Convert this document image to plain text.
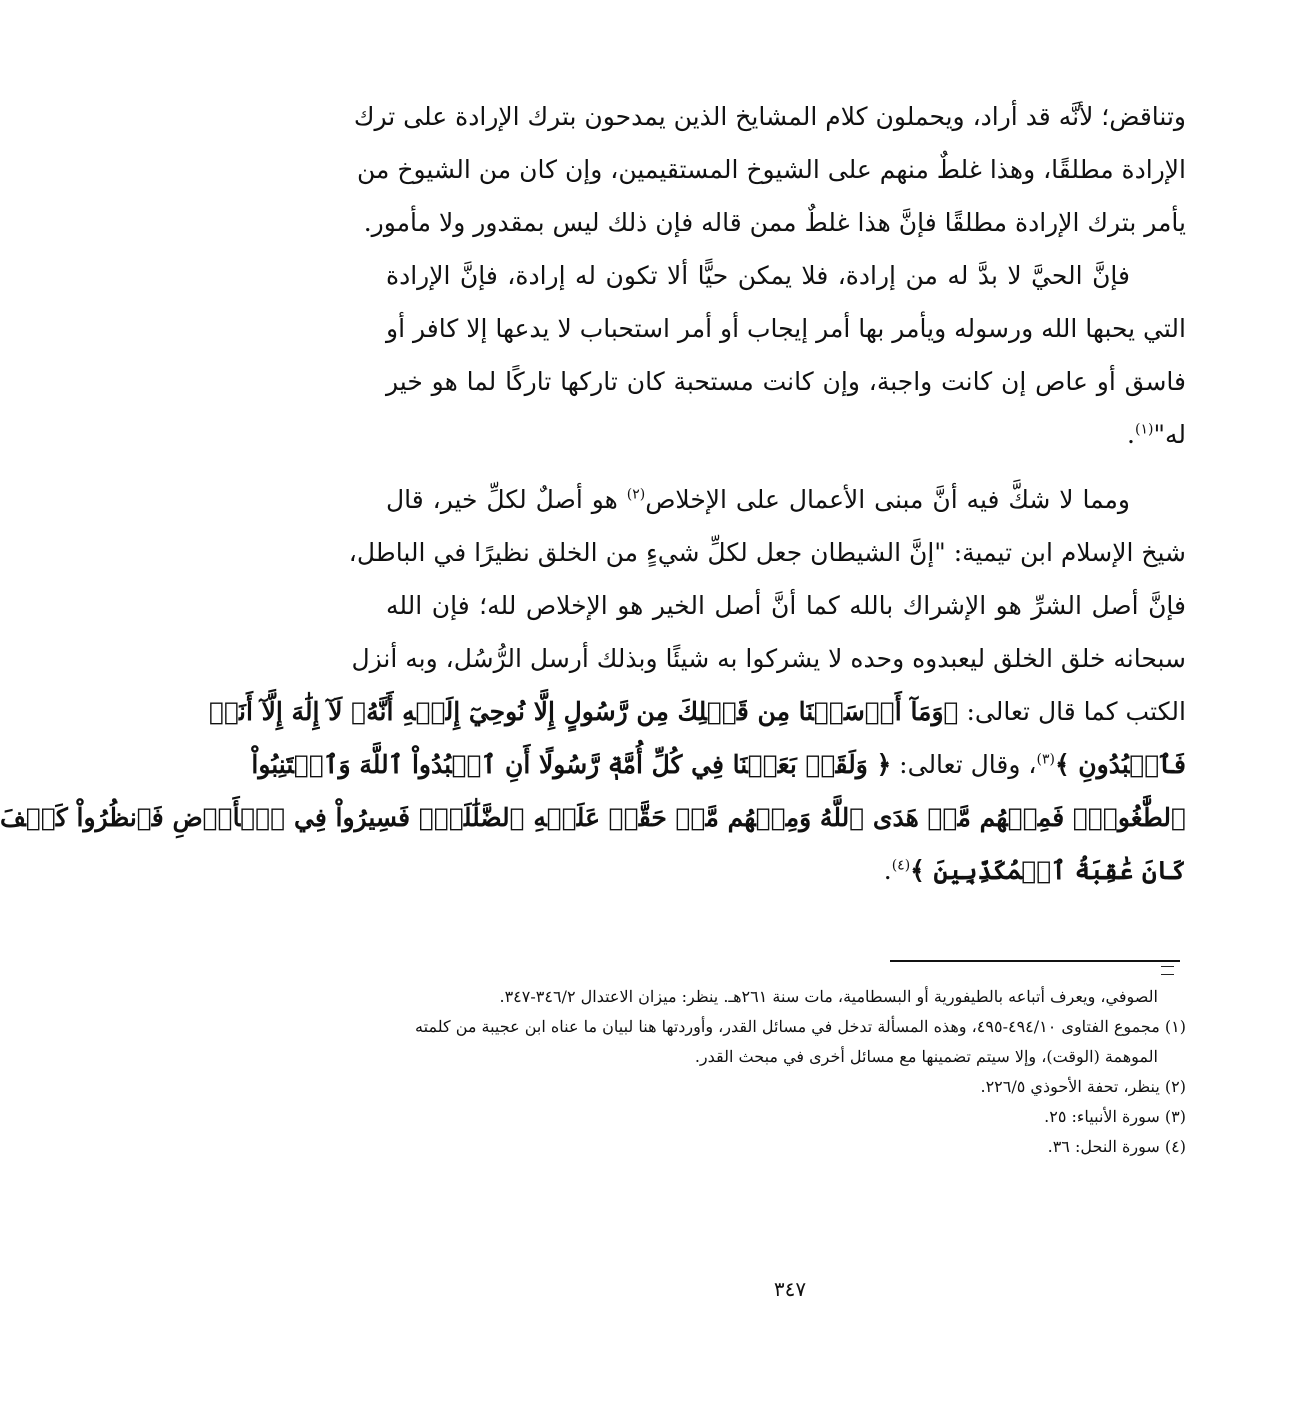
وتناقض؛ لأنَّه قد أراد، ويحملون كلام المشايخ الذين يمدحون بترك الإرادة على ترك
الإرادة مطلقًا، وهذا غلطٌ منهم على الشيوخ المستقيمين، وإن كان من الشيوخ من
يأمر بترك الإرادة مطلقًا فإنَّ هذا غلطٌ ممن قاله فإن ذلك ليس بمقدور ولا مأمور.
فإنَّ الحيَّ لا بدَّ له من إرادة، فلا يمكن حيًّا ألا تكون له إرادة، فإنَّ الإرادة
التي يحبها الله ورسوله ويأمر بها أمر إيجاب أو أمر استحباب لا يدعها إلا كافر أو
فاسق أو عاص إن كانت واجبة، وإن كانت مستحبة كان تاركها تاركًا لما هو خير
له"$^{(١)}$.
ومما لا شكَّ فيه أنَّ مبنى الأعمال على الإخلاص$^{(٢)}$ هو أصلٌ لكلِّ خير، قال
شيخ الإسلام ابن تيمية: "إنَّ الشيطان جعل لكلِّ شيءٍ من الخلق نظيرًا في الباطل،
فإنَّ أصل الشرِّ هو الإشراك بالله كما أنَّ أصل الخير هو الإخلاص لله؛ فإن الله
سبحانه خلق الخلق ليعبدوه وحده لا يشركوا به شيئًا وبذلك أرسل الرُّسُل، وبه أنزل
الكتب كما قال تعالى: ﴿وَمَآ أَرۡسَلۡنَا مِن قَبۡلِكَ مِن رَّسُولٍ إِلَّا نُوحِيٓ إِلَيۡهِ أَنَّهُۥ لَآ إِلَٰهَ إِلَّآ أَنَا۠
فَٱعۡبُدُونِ ﴾$^{(٣)}$، وقال تعالى: ﴿ وَلَقَدۡ بَعَثۡنَا فِي كُلِّ أُمَّةٖ رَّسُولًا أَنِ ٱعۡبُدُواْ ٱللَّهَ وَٱجۡتَنِبُواْ
ٱلطَّٰغُوتَۖ فَمِنۡهُم مَّنۡ هَدَى ٱللَّهُ وَمِنۡهُم مَّنۡ حَقَّتۡ عَلَيۡهِ ٱلضَّلَٰلَةُۚ فَسِيرُواْ فِي ٱلۡأَرۡضِ فَٱنظُرُواْ كَيۡفَ
كَانَ عَٰقِبَةُ ٱلۡمُكَذِّبِينَ ﴾$^{(٤)}$.
الصوفي، ويعرف أتباعه بالطيفورية أو البسطامية، مات سنة ٢٦١هـ. ينظر: ميزان الاعتدال ٣٤٦/٢-٣٤٧.
(١) مجموع الفتاوى ٤٩٤/١٠-٤٩٥، وهذه المسألة تدخل في مسائل القدر، وأوردتها هنا لبيان ما عناه ابن عجيبة من كلمته
الموهمة (الوقت)، وإلا سيتم تضمينها مع مسائل أخرى في مبحث القدر.
(٢) ينظر، تحفة الأحوذي ٢٢٦/٥.
(٣) سورة الأنبياء: ٢٥.
(٤) سورة النحل: ٣٦.
٣٤٧
